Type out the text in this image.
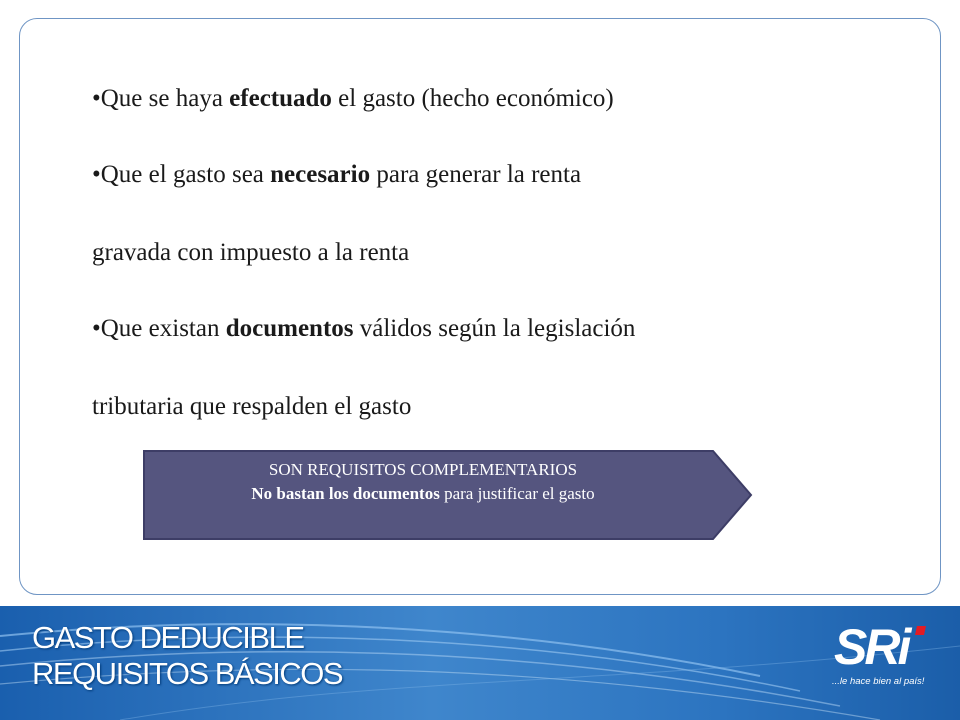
•Que se haya efectuado el gasto (hecho económico)
•Que el gasto sea necesario para generar la renta
gravada con impuesto a la renta
•Que existan documentos válidos según la legislación
tributaria que respalden el gasto
SON REQUISITOS COMPLEMENTARIOS
No bastan los documentos para justificar el gasto
GASTO DEDUCIBLE
REQUISITOS BÁSICOS	SRi
...le hace bien al país!
